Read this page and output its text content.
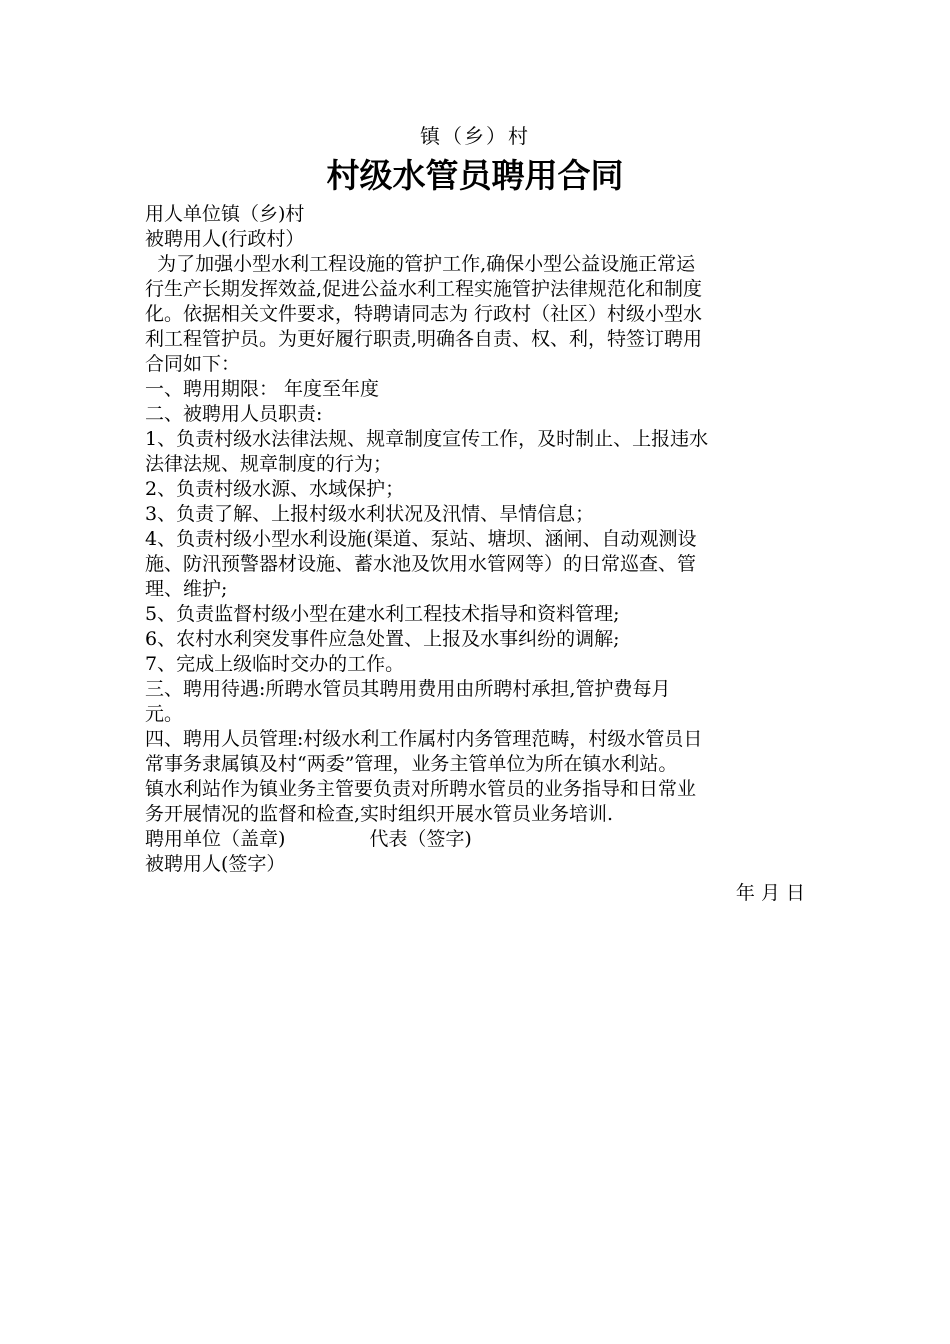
镇（乡）村
村级水管员聘用合同
用人单位镇（乡)村
被聘用人(行政村）
为了加强小型水利工程设施的管护工作,确保小型公益设施正常运
行生产长期发挥效益,促进公益水利工程实施管护法律规范化和制度
化。依据相关文件要求，特聘请同志为 行政村（社区）村级小型水
利工程管护员。为更好履行职责,明确各自责、权、利，特签订聘用
合同如下：
一、聘用期限： 年度至年度
二、被聘用人员职责:
1、负责村级水法律法规、规章制度宣传工作，及时制止、上报违水
法律法规、规章制度的行为；
2、负责村级水源、水域保护；
3、负责了解、上报村级水利状况及汛情、旱情信息；
4、负责村级小型水利设施(渠道、泵站、塘坝、涵闸、自动观测设
施、防汛预警器材设施、蓄水池及饮用水管网等）的日常巡查、管
理、维护;
5、负责监督村级小型在建水利工程技术指导和资料管理;
6、农村水利突发事件应急处置、上报及水事纠纷的调解;
7、完成上级临时交办的工作。
三、聘用待遇:所聘水管员其聘用费用由所聘村承担,管护费每月
元。
四、聘用人员管理:村级水利工作属村内务管理范畴，村级水管员日
常事务隶属镇及村“两委”管理，业务主管单位为所在镇水利站。
镇水利站作为镇业务主管要负责对所聘水管员的业务指导和日常业
务开展情况的监督和检查,实时组织开展水管员业务培训.
聘用单位（盖章)	代表（签字)
被聘用人(签字）
年 月 日
